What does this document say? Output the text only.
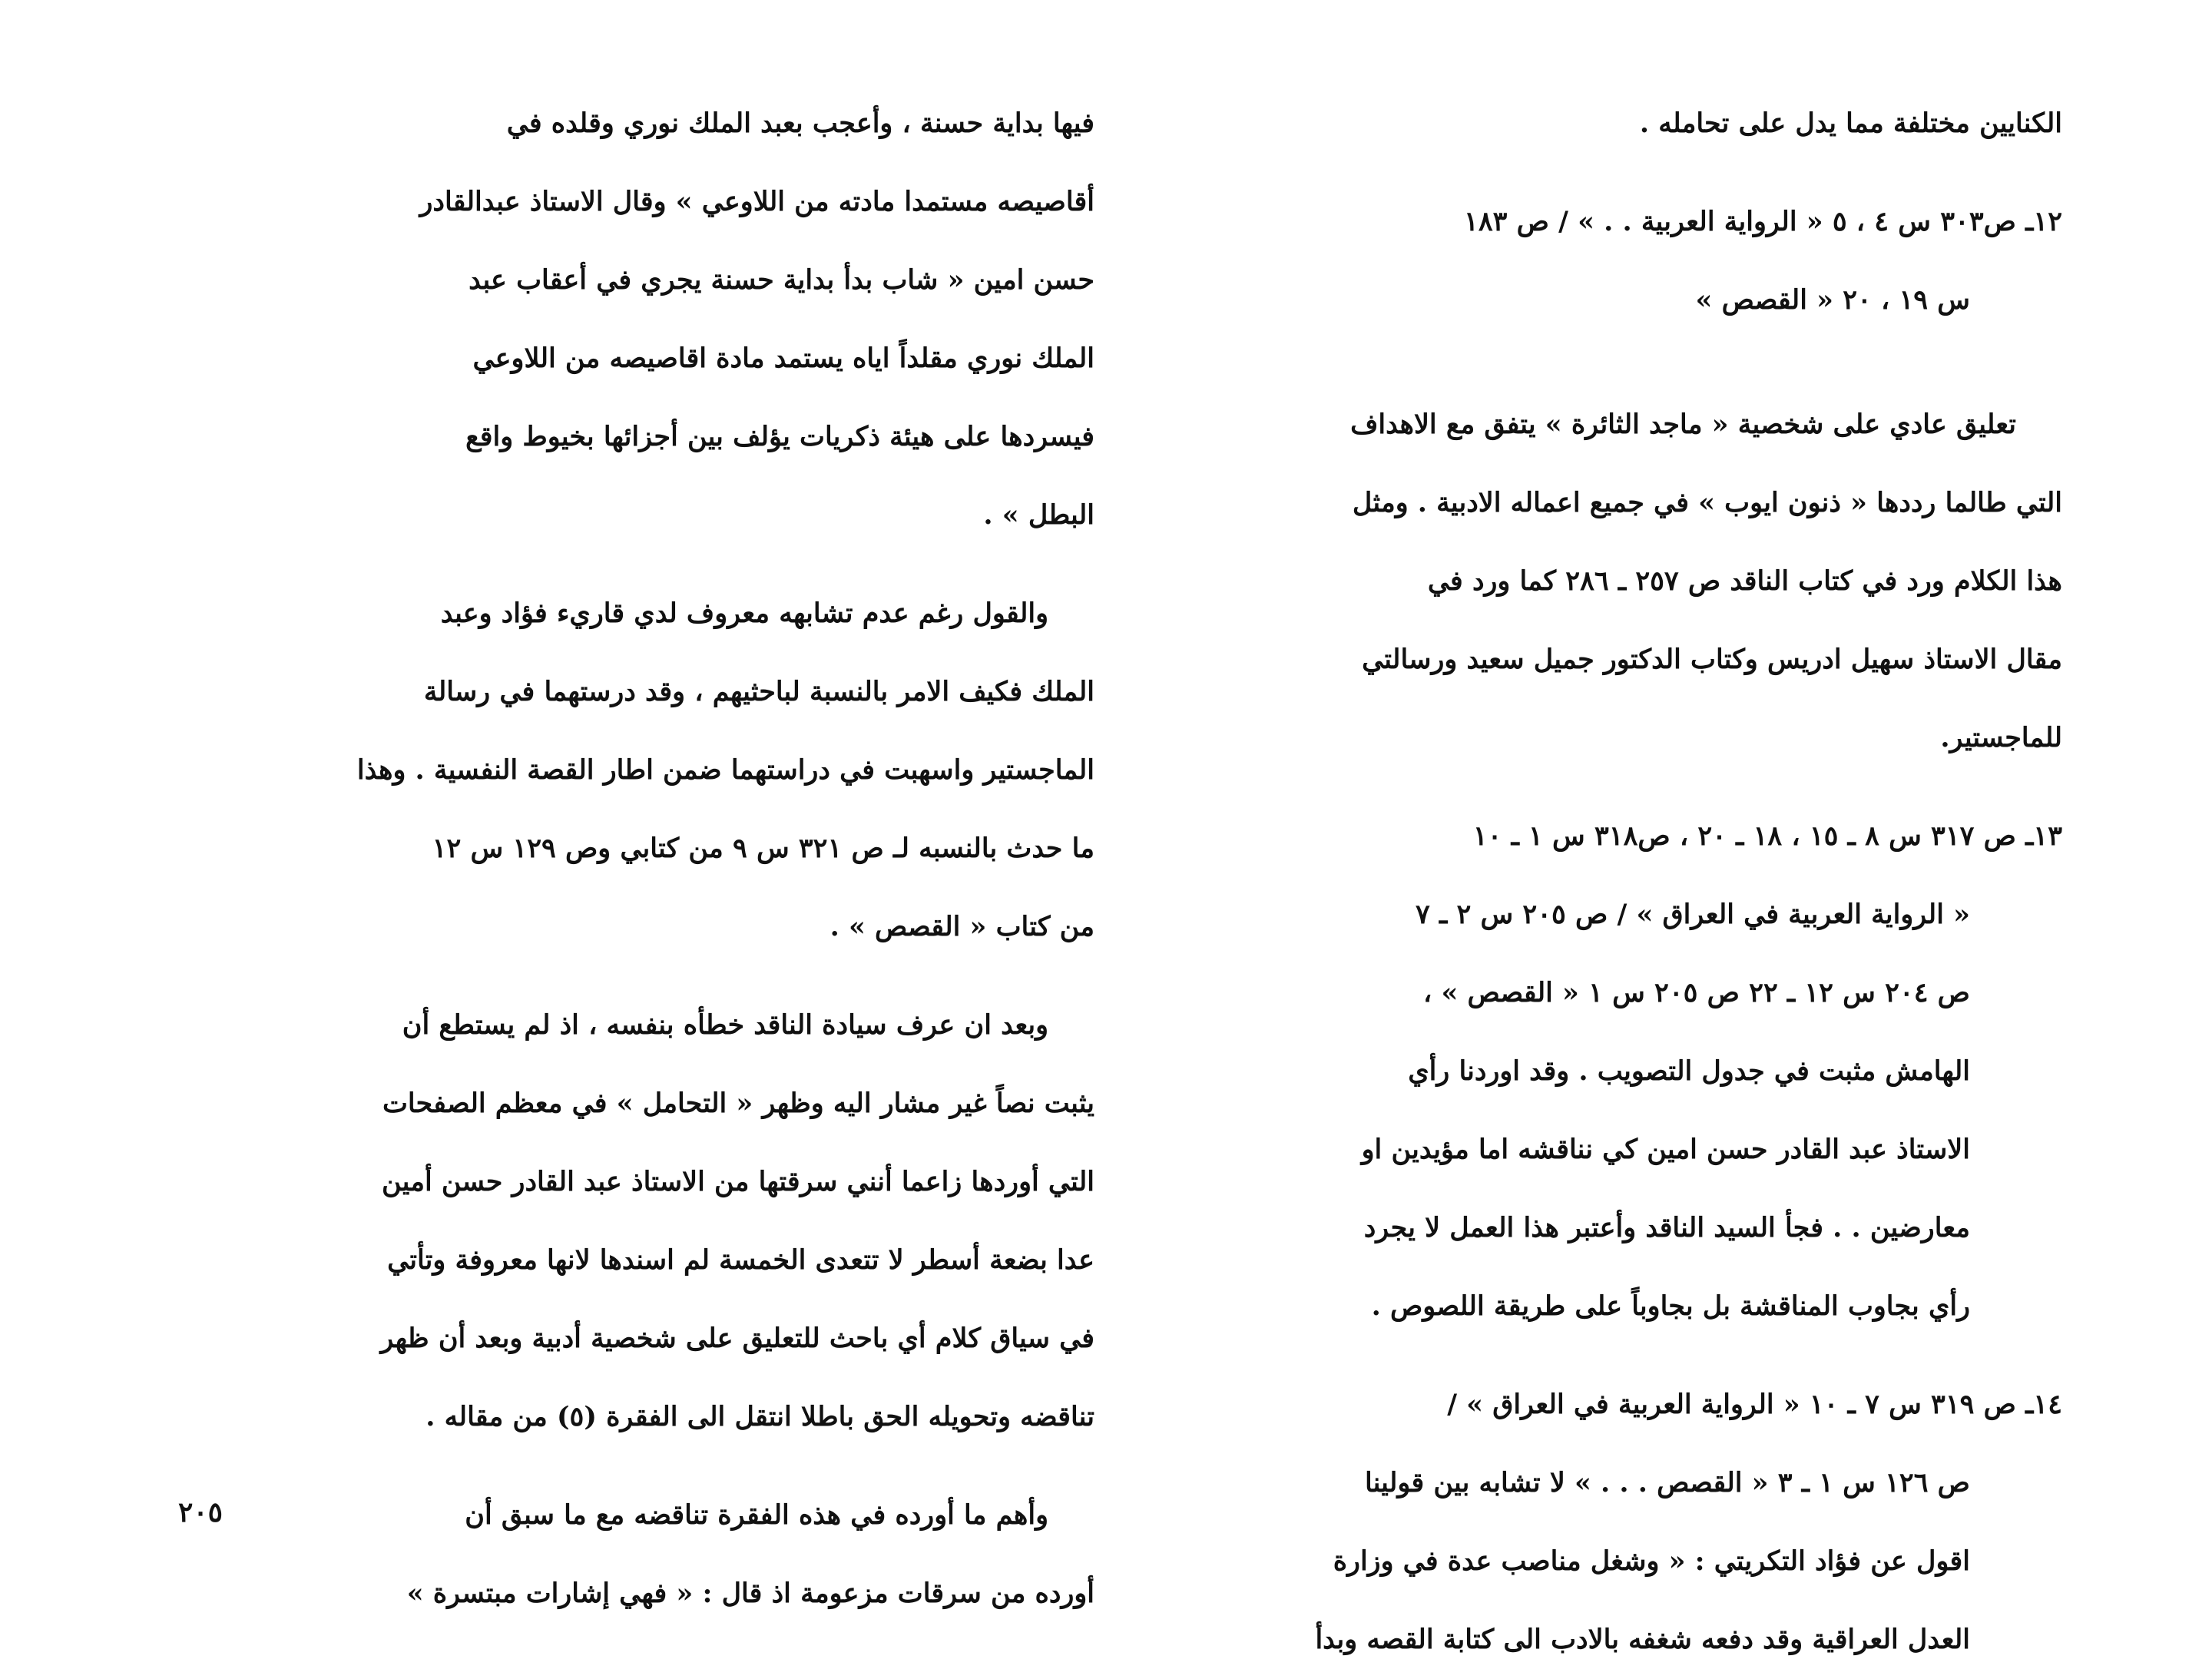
الكنايين مختلفة مما يدل على تحامله .
١٢ـ ص٣٠٣ س ٤ ، ٥ « الرواية العربية . . » / ص ١٨٣
س ١٩ ، ٢٠ « القصص »
تعليق عادي على شخصية « ماجد الثائرة » يتفق مع الاهداف
التي طالما رددها « ذنون ايوب » في جميع اعماله الادبية . ومثل
هذا الكلام ورد في كتاب الناقد ص ٢٥٧ ـ ٢٨٦ كما ورد في
مقال الاستاذ سهيل ادريس وكتاب الدكتور جميل سعيد ورسالتي
للماجستير.
١٣ـ ص ٣١٧ س ٨ ـ ١٥ ، ١٨ ـ ٢٠ ، ص٣١٨ س ١ ـ ١٠
« الرواية العربية في العراق » / ص ٢٠٥ س ٢ ـ ٧
ص ٢٠٤ س ١٢ ـ ٢٢ ص ٢٠٥ س ١ « القصص » ،
الهامش مثبت في جدول التصويب . وقد اوردنا رأي
الاستاذ عبد القادر حسن امين كي نناقشه اما مؤيدين او
معارضين . . فجأ السيد الناقد وأعتبر هذا العمل لا يجرد
رأي بجاوب المناقشة بل بجاوباً على طريقة اللصوص .
١٤ـ ص ٣١٩ س ٧ ـ ١٠ « الرواية العربية في العراق » /
ص ١٢٦ س ١ ـ ٣ « القصص . . . » لا تشابه بين قولينا
اقول عن فؤاد التكريتي : « وشغل مناصب عدة في وزارة
العدل العراقية وقد دفعه شغفه بالادب الى كتابة القصه وبدأ
فيها بداية حسنة ، وأعجب بعبد الملك نوري وقلده في
أقاصيصه مستمدا مادته من اللاوعي » وقال الاستاذ عبدالقادر
حسن امين « شاب بدأ بداية حسنة يجري في أعقاب عبد
الملك نوري مقلداً اياه يستمد مادة اقاصيصه من اللاوعي
فيسردها على هيئة ذكريات يؤلف بين أجزائها بخيوط واقع
البطل » .
والقول رغم عدم تشابهه معروف لدي قاريء فؤاد وعبد
الملك فكيف الامر بالنسبة لباحثيهم ، وقد درستهما في رسالة
الماجستير واسهبت في دراستهما ضمن اطار القصة النفسية . وهذا
ما حدث بالنسبه لـ ص ٣٢١ س ٩ من كتابي وص ١٢٩ س ١٢
من كتاب « القصص » .
وبعد ان عرف سيادة الناقد خطأه بنفسه ، اذ لم يستطع أن
يثبت نصاً غير مشار اليه وظهر « التحامل » في معظم الصفحات
التي أوردها زاعما أنني سرقتها من الاستاذ عبد القادر حسن أمين
عدا بضعة أسطر لا تتعدى الخمسة لم اسندها لانها معروفة وتأتي
في سياق كلام أي باحث للتعليق على شخصية أدبية وبعد أن ظهر
تناقضه وتحويله الحق باطلا انتقل الى الفقرة (٥) من مقاله .
وأهم ما أورده في هذه الفقرة تناقضه مع ما سبق أن
أورده من سرقات مزعومة اذ قال : « فهي إشارات مبتسرة »
٢٠٥
